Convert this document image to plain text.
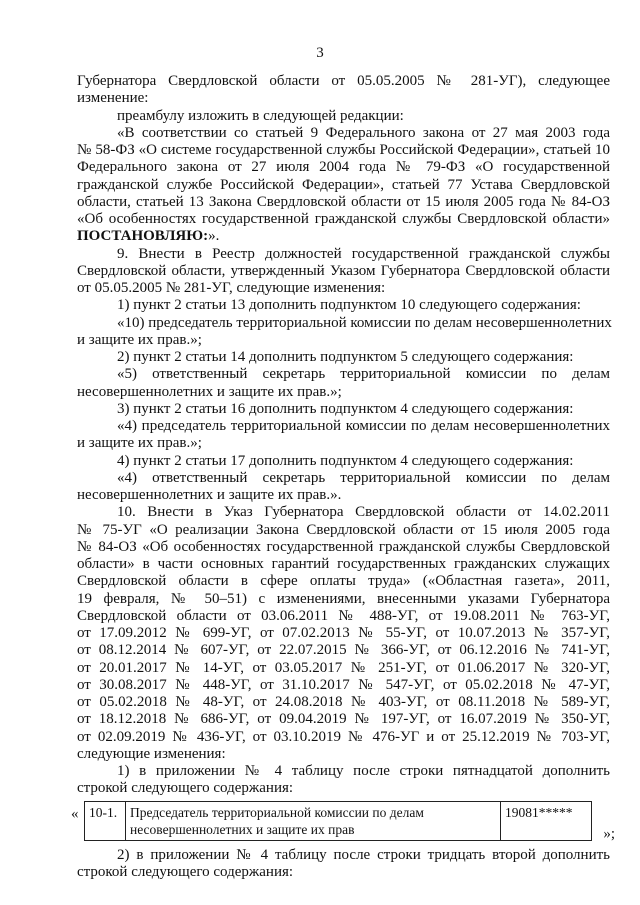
3
Губернатора Свердловской области от 05.05.2005 № 281-УГ), следующее
изменение:
преамбулу изложить в следующей редакции:
«В соответствии со статьей 9 Федерального закона от 27 мая 2003 года
№ 58-ФЗ «О системе государственной службы Российской Федерации», статьей 10
Федерального закона от 27 июля 2004 года № 79-ФЗ «О государственной
гражданской службе Российской Федерации», статьей 77 Устава Свердловской
области, статьей 13 Закона Свердловской области от 15 июля 2005 года № 84-ОЗ
«Об особенностях государственной гражданской службы Свердловской области»
ПОСТАНОВЛЯЮ:».
9. Внести в Реестр должностей государственной гражданской службы
Свердловской области, утвержденный Указом Губернатора Свердловской области
от 05.05.2005 № 281-УГ, следующие изменения:
1) пункт 2 статьи 13 дополнить подпунктом 10 следующего содержания:
«10) председатель территориальной комиссии по делам несовершеннолетних
и защите их прав.»;
2) пункт 2 статьи 14 дополнить подпунктом 5 следующего содержания:
«5) ответственный секретарь территориальной комиссии по делам
несовершеннолетних и защите их прав.»;
3) пункт 2 статьи 16 дополнить подпунктом 4 следующего содержания:
«4) председатель территориальной комиссии по делам несовершеннолетних
и защите их прав.»;
4) пункт 2 статьи 17 дополнить подпунктом 4 следующего содержания:
«4) ответственный секретарь территориальной комиссии по делам
несовершеннолетних и защите их прав.».
10. Внести в Указ Губернатора Свердловской области от 14.02.2011
№ 75-УГ «О реализации Закона Свердловской области от 15 июля 2005 года
№ 84-ОЗ «Об особенностях государственной гражданской службы Свердловской
области» в части основных гарантий государственных гражданских служащих
Свердловской области в сфере оплаты труда» («Областная газета», 2011,
19 февраля, № 50–51) с изменениями, внесенными указами Губернатора
Свердловской области от 03.06.2011 № 488-УГ, от 19.08.2011 № 763-УГ,
от 17.09.2012 № 699-УГ, от 07.02.2013 № 55-УГ, от 10.07.2013 № 357-УГ,
от 08.12.2014 № 607-УГ, от 22.07.2015 № 366-УГ, от 06.12.2016 № 741-УГ,
от 20.01.2017 № 14-УГ, от 03.05.2017 № 251-УГ, от 01.06.2017 № 320-УГ,
от 30.08.2017 № 448-УГ, от 31.10.2017 № 547-УГ, от 05.02.2018 № 47-УГ,
от 05.02.2018 № 48-УГ, от 24.08.2018 № 403-УГ, от 08.11.2018 № 589-УГ,
от 18.12.2018 № 686-УГ, от 09.04.2019 № 197-УГ, от 16.07.2019 № 350-УГ,
от 02.09.2019 № 436-УГ, от 03.10.2019 № 476-УГ и от 25.12.2019 № 703-УГ,
следующие изменения:
1) в приложении № 4 таблицу после строки пятнадцатой дополнить
строкой следующего содержания:
« 10-1.	Председатель территориальной комиссии по делам
несовершеннолетних и защите их прав
	19081*****
»;
2) в приложении № 4 таблицу после строки тридцать второй дополнить
строкой следующего содержания:
